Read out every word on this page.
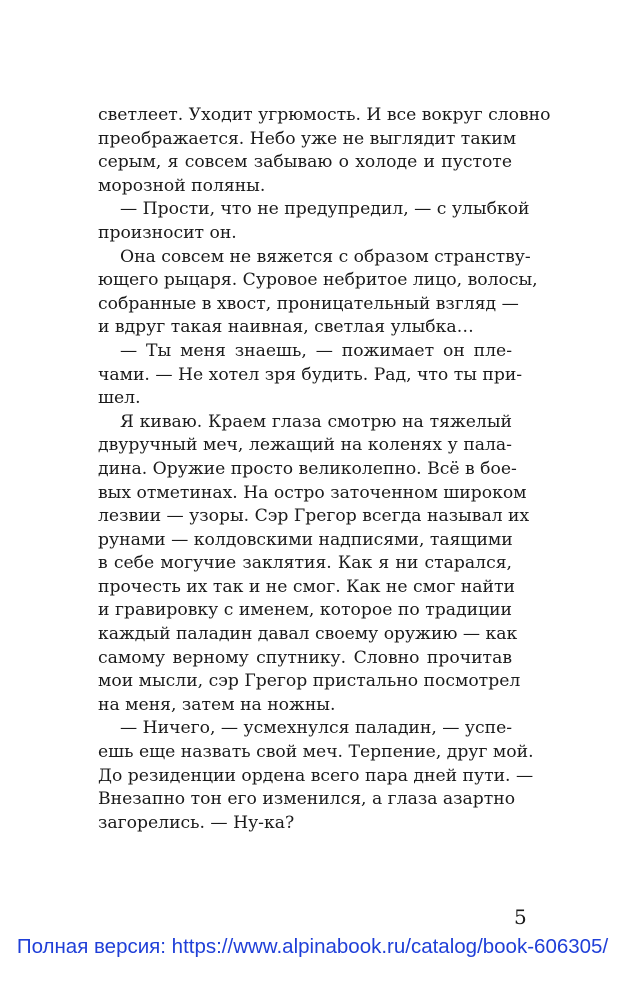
светлеет. Уходит угрюмость. И все вокруг словно
преображается. Небо уже не выглядит таким
серым, я совсем забываю о холоде и пустоте
морозной поляны.
— Прости, что не предупредил, — с улыбкой
произносит он.
Она совсем не вяжется с образом странству-
ющего рыцаря. Суровое небритое лицо, волосы,
собранные в хвост, проницательный взгляд —
и вдруг такая наивная, светлая улыбка…
— Ты меня знаешь, — пожимает он пле-
чами. — Не хотел зря будить. Рад, что ты при-
шел.
Я киваю. Краем глаза смотрю на тяжелый
двуручный меч, лежащий на коленях у пала-
дина. Оружие просто великолепно. Всё в бое-
вых отметинах. На остро заточенном широком
лезвии — узоры. Сэр Грегор всегда называл их
рунами — колдовскими надписями, таящими
в себе могучие заклятия. Как я ни старался,
прочесть их так и не смог. Как не смог найти
и гравировку с именем, которое по традиции
каждый паладин давал своему оружию — как
самому верному спутнику. Словно прочитав
мои мысли, сэр Грегор пристально посмотрел
на меня, затем на ножны.
— Ничего, — усмехнулся паладин, — успе-
ешь еще назвать свой меч. Терпение, друг мой.
До резиденции ордена всего пара дней пути. —
Внезапно тон его изменился, а глаза азартно
загорелись. — Ну-ка?
5
Полная версия: https://www.alpinabook.ru/catalog/book-606305/
